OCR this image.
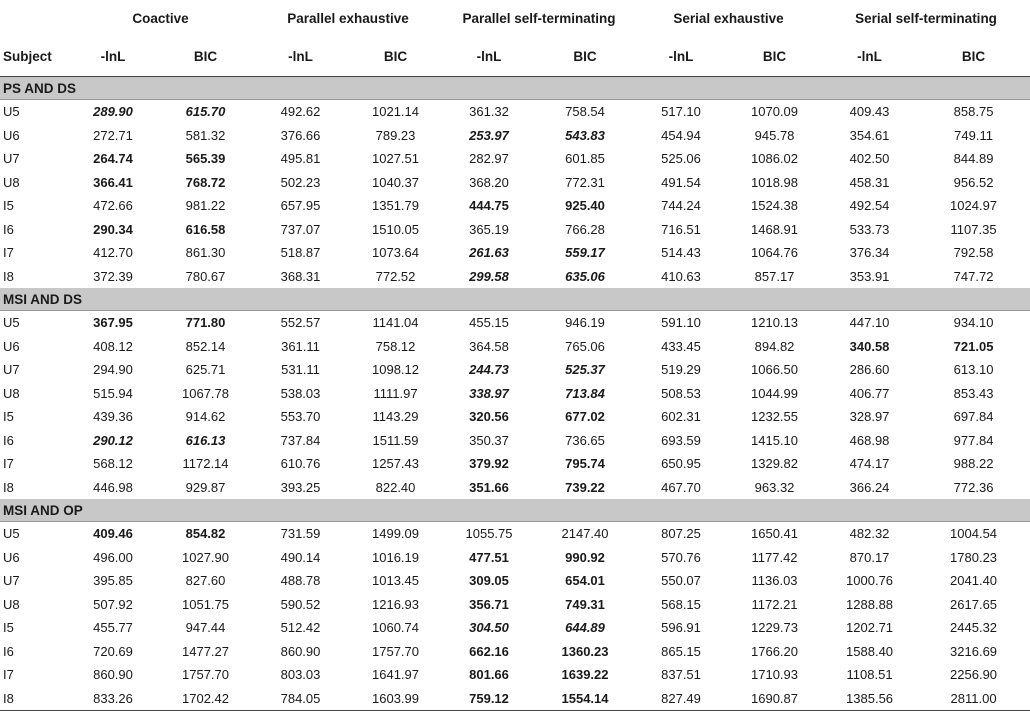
	Coactive		Parallel exhaustive		Parallel self-terminating		Serial exhaustive		Serial self-terminating	
Subject	-lnL	BIC	-lnL	BIC	-lnL	BIC	-lnL	BIC	-lnL	BIC
PS AND DS										
U5	289.90	615.70	492.62	1021.14	361.32	758.54	517.10	1070.09	409.43	858.75
U6	272.71	581.32	376.66	789.23	253.97	543.83	454.94	945.78	354.61	749.11
U7	264.74	565.39	495.81	1027.51	282.97	601.85	525.06	1086.02	402.50	844.89
U8	366.41	768.72	502.23	1040.37	368.20	772.31	491.54	1018.98	458.31	956.52
I5	472.66	981.22	657.95	1351.79	444.75	925.40	744.24	1524.38	492.54	1024.97
I6	290.34	616.58	737.07	1510.05	365.19	766.28	716.51	1468.91	533.73	1107.35
I7	412.70	861.30	518.87	1073.64	261.63	559.17	514.43	1064.76	376.34	792.58
I8	372.39	780.67	368.31	772.52	299.58	635.06	410.63	857.17	353.91	747.72
MSI AND DS										
U5	367.95	771.80	552.57	1141.04	455.15	946.19	591.10	1210.13	447.10	934.10
U6	408.12	852.14	361.11	758.12	364.58	765.06	433.45	894.82	340.58	721.05
U7	294.90	625.71	531.11	1098.12	244.73	525.37	519.29	1066.50	286.60	613.10
U8	515.94	1067.78	538.03	1111.97	338.97	713.84	508.53	1044.99	406.77	853.43
I5	439.36	914.62	553.70	1143.29	320.56	677.02	602.31	1232.55	328.97	697.84
I6	290.12	616.13	737.84	1511.59	350.37	736.65	693.59	1415.10	468.98	977.84
I7	568.12	1172.14	610.76	1257.43	379.92	795.74	650.95	1329.82	474.17	988.22
I8	446.98	929.87	393.25	822.40	351.66	739.22	467.70	963.32	366.24	772.36
MSI AND OP										
U5	409.46	854.82	731.59	1499.09	1055.75	2147.40	807.25	1650.41	482.32	1004.54
U6	496.00	1027.90	490.14	1016.19	477.51	990.92	570.76	1177.42	870.17	1780.23
U7	395.85	827.60	488.78	1013.45	309.05	654.01	550.07	1136.03	1000.76	2041.40
U8	507.92	1051.75	590.52	1216.93	356.71	749.31	568.15	1172.21	1288.88	2617.65
I5	455.77	947.44	512.42	1060.74	304.50	644.89	596.91	1229.73	1202.71	2445.32
I6	720.69	1477.27	860.90	1757.70	662.16	1360.23	865.15	1766.20	1588.40	3216.69
I7	860.90	1757.70	803.03	1641.97	801.66	1639.22	837.51	1710.93	1108.51	2256.90
I8	833.26	1702.42	784.05	1603.99	759.12	1554.14	827.49	1690.87	1385.56	2811.00
